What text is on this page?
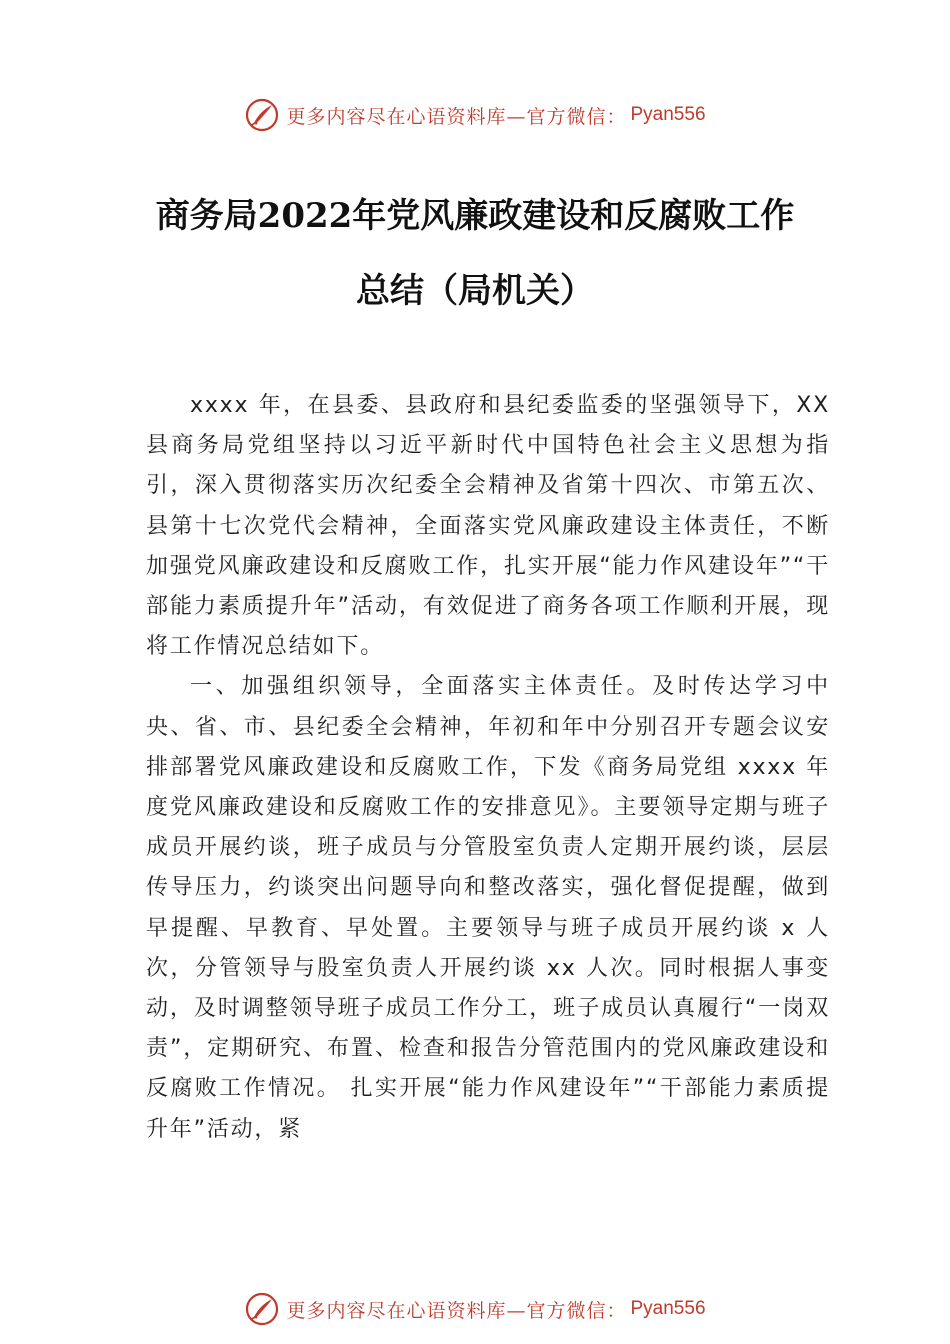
更多内容尽在心语资料库—官方微信： Pyan556
商务局2022年党风廉政建设和反腐败工作
总结（局机关）

xxxx 年，在县委、县政府和县纪委监委的坚强领导下，XX县商务局党组坚持以习近平新时代中国特色社会主义思想为指引，深入贯彻落实历次纪委全会精神及省第十四次、市第五次、县第十七次党代会精神，全面落实党风廉政建设主体责任，不断加强党风廉政建设和反腐败工作，扎实开展“能力作风建设年”“干部能力素质提升年”活动，有效促进了商务各项工作顺利开展，现将工作情况总结如下。

一、加强组织领导，全面落实主体责任。及时传达学习中央、省、市、县纪委全会精神，年初和年中分别召开专题会议安排部署党风廉政建设和反腐败工作，下发《商务局党组 xxxx 年度党风廉政建设和反腐败工作的安排意见》。主要领导定期与班子成员开展约谈，班子成员与分管股室负责人定期开展约谈，层层传导压力，约谈突出问题导向和整改落实，强化督促提醒，做到早提醒、早教育、早处置。主要领导与班子成员开展约谈 x 人次，分管领导与股室负责人开展约谈 xx 人次。同时根据人事变动，及时调整领导班子成员工作分工，班子成员认真履行“一岗双责”，定期研究、布置、检查和报告分管范围内的党风廉政建设和反腐败工作情况。 扎实开展“能力作风建设年”“干部能力素质提升年”活动，紧

更多内容尽在心语资料库—官方微信： Pyan556
